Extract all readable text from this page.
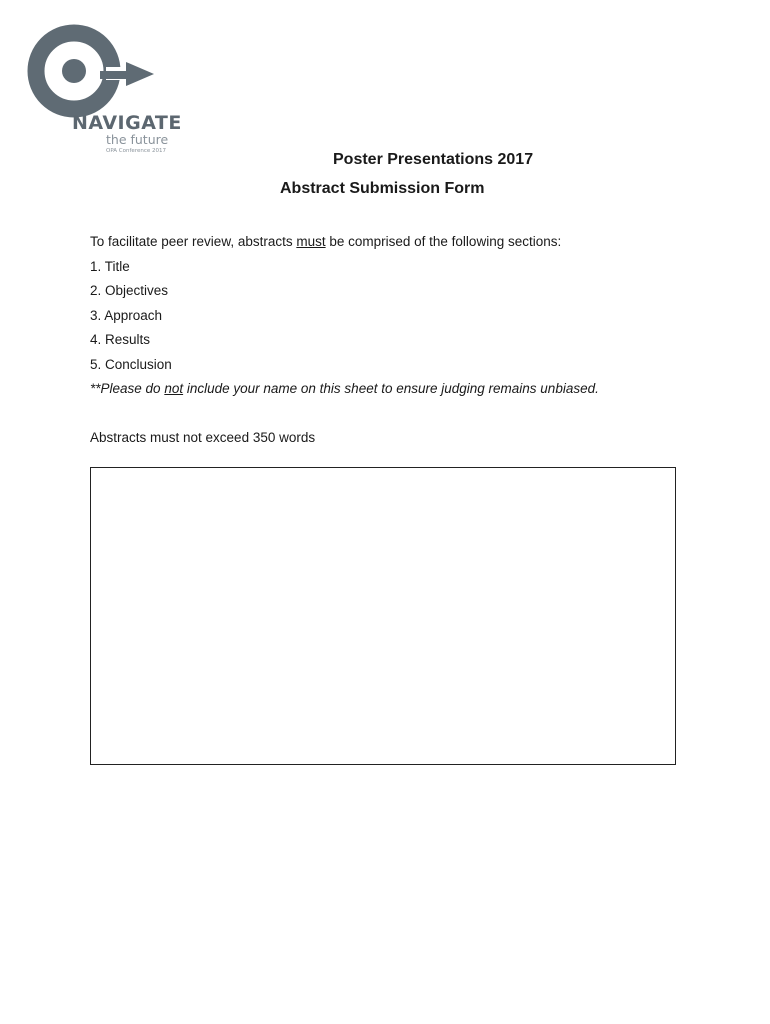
NAVIGATE
the future
OPA Conference 2017	Poster Presentations 2017
Abstract Submission Form
To facilitate peer review, abstracts must be comprised of the following sections:
1. Title
2. Objectives
3. Approach
4. Results
5. Conclusion
**Please do not include your name on this sheet to ensure judging remains unbiased.
Abstracts must not exceed 350 words
